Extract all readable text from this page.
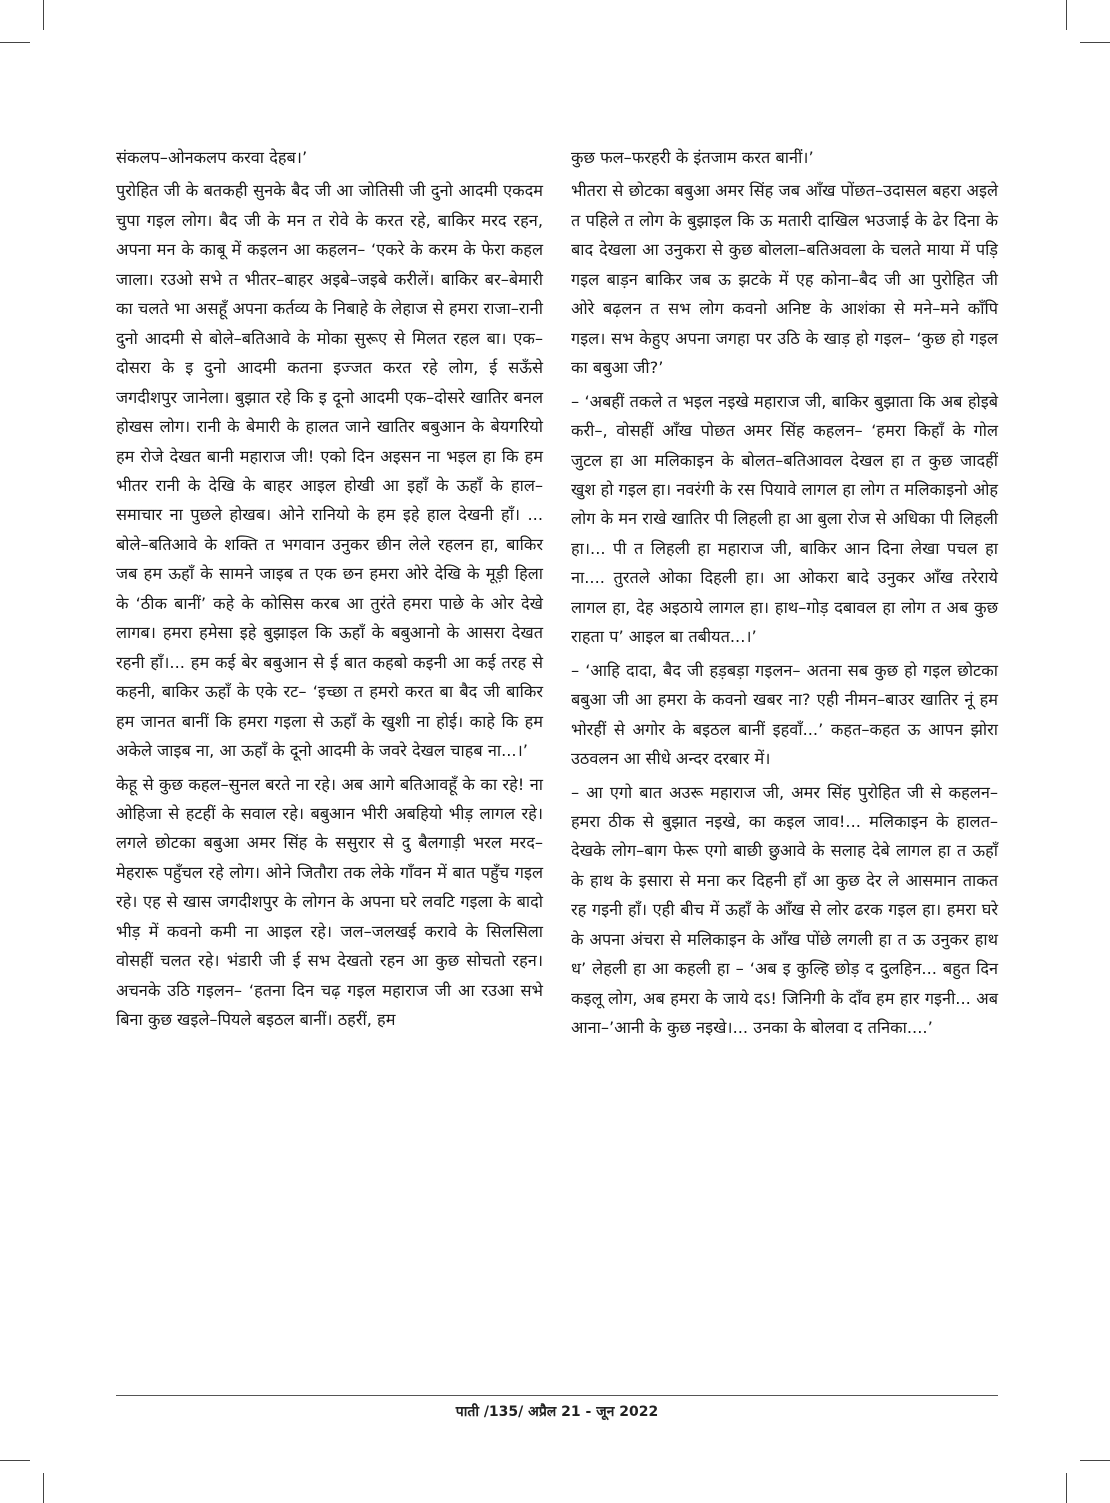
संकलप–ओनकलप करवा देहब।’

पुरोहित जी के बतकही सुनके बैद जी आ जोतिसी जी दुनो आदमी एकदम चुपा गइल लोग। बैद जी के मन त रोवे के करत रहे, बाकिर मरद रहन, अपना मन के काबू में कइलन आ कहलन– ‘एकरे के करम के फेरा कहल जाला। रउओ सभे त भीतर–बाहर अइबे–जइबे करीलें। बाकिर बर–बेमारी का चलते भा असहूँ अपना कर्तव्य के निबाहे के लेहाज से हमरा राजा–रानी दुनो आदमी से बोले–बतिआवे के मोका सुरूए से मिलत रहल बा। एक–दोसरा के इ दुनो आदमी कतना इज्जत करत रहे लोग, ई सऊँसे जगदीशपुर जानेला। बुझात रहे कि इ दूनो आदमी एक–दोसरे खातिर बनल होखस लोग। रानी के बेमारी के हालत जाने खातिर बबुआन के बेयगरियो हम रोजे देखत बानी महाराज जी! एको दिन अइसन ना भइल हा कि हम भीतर रानी के देखि के बाहर आइल होखी आ इहाँ के ऊहाँ के हाल–समाचार ना पुछले होखब। ओने रानियो के हम इहे हाल देखनी हाँ। ... बोले–बतिआवे के शक्ति त भगवान उनुकर छीन लेले रहलन हा, बाकिर जब हम ऊहाँ के सामने जाइब त एक छन हमरा ओरे देखि के मूड़ी हिला के ‘ठीक बानीं’ कहे के कोसिस करब आ तुरंते हमरा पाछे के ओर देखे लागब। हमरा हमेसा इहे बुझाइल कि ऊहाँ के बबुआनो के आसरा देखत रहनी हाँ।... हम कई बेर बबुआन से ई बात कहबो कइनी आ कई तरह से कहनी, बाकिर ऊहाँ के एके रट– ‘इच्छा त हमरो करत बा बैद जी बाकिर हम जानत बानीं कि हमरा गइला से ऊहाँ के खुशी ना होई। काहे कि हम अकेले जाइब ना, आ ऊहाँ के दूनो आदमी के जवरे देखल चाहब ना...।’

केहू से कुछ कहल–सुनल बरते ना रहे। अब आगे बतिआवहूँ के का रहे! ना ओहिजा से हटहीं के सवाल रहे। बबुआन भीरी अबहियो भीड़ लागल रहे। लगले छोटका बबुआ अमर सिंह के ससुरार से दु बैलगाड़ी भरल मरद–मेहरारू पहुँचल रहे लोग। ओने जितौरा तक लेके गाँवन में बात पहुँच गइल रहे। एह से खास जगदीशपुर के लोगन के अपना घरे लवटि गइला के बादो भीड़ में कवनो कमी ना आइल रहे। जल–जलखई करावे के सिलसिला वोसहीं चलत रहे। भंडारी जी ई सभ देखतो रहन आ कुछ सोचतो रहन। अचनके उठि गइलन– ‘हतना दिन चढ़ गइल महाराज जी आ रउआ सभे बिना कुछ खइले–पियले बइठल बानीं। ठहरीं, हम

कुछ फल–फरहरी के इंतजाम करत बानीं।’

भीतरा से छोटका बबुआ अमर सिंह जब आँख पोंछत–उदासल बहरा अइले त पहिले त लोग के बुझाइल कि ऊ मतारी दाखिल भउजाई के ढेर दिना के बाद देखला आ उनुकरा से कुछ बोलला–बतिअवला के चलते माया में पड़ि गइल बाड़न बाकिर जब ऊ झटके में एह कोना–बैद जी आ पुरोहित जी ओरे बढ़लन त सभ लोग कवनो अनिष्ट के आशंका से मने–मने काँपि गइल। सभ केहुए अपना जगहा पर उठि के खाड़ हो गइल– ‘कुछ हो गइल का बबुआ जी?’

– ‘अबहीं तकले त भइल नइखे महाराज जी, बाकिर बुझाता कि अब होइबे करी–, वोसहीं आँख पोछत अमर सिंह कहलन– ‘हमरा किहाँ के गोल जुटल हा आ मलिकाइन के बोलत–बतिआवल देखल हा त कुछ जादहीं खुश हो गइल हा। नवरंगी के रस पियावे लागल हा लोग त मलिकाइनो ओह लोग के मन राखे खातिर पी लिहली हा आ बुला रोज से अधिका पी लिहली हा।... पी त लिहली हा महाराज जी, बाकिर आन दिना लेखा पचल हा ना.... तुरतले ओका दिहली हा। आ ओकरा बादे उनुकर आँख तरेराये लागल हा, देह अइठाये लागल हा। हाथ–गोड़ दबावल हा लोग त अब कुछ राहता प’ आइल बा तबीयत...।’

– ‘आहि दादा, बैद जी हड़बड़ा गइलन– अतना सब कुछ हो गइल छोटका बबुआ जी आ हमरा के कवनो खबर ना? एही नीमन–बाउर खातिर नूं हम भोरहीं से अगोर के बइठल बानीं इहवाँ...’ कहत–कहत ऊ आपन झोरा उठवलन आ सीधे अन्दर दरबार में।

– आ एगो बात अउरू महाराज जी, अमर सिंह पुरोहित जी से कहलन– हमरा ठीक से बुझात नइखे, का कइल जाव!... मलिकाइन के हालत–देखके लोग–बाग फेरू एगो बाछी छुआवे के सलाह देबे लागल हा त ऊहाँ के हाथ के इसारा से मना कर दिहनी हाँ आ कुछ देर ले आसमान ताकत रह गइनी हाँ। एही बीच में ऊहाँ के आँख से लोर ढरक गइल हा। हमरा घरे के अपना अंचरा से मलिकाइन के आँख पोंछे लगली हा त ऊ उनुकर हाथ ध’ लेहली हा आ कहली हा – ‘अब इ कुल्हि छोड़ द दुलहिन... बहुत दिन कइलू लोग, अब हमरा के जाये दऽ! जिनिगी के दाँव हम हार गइनी... अब आना–’आनी के कुछ नइखे।... उनका के बोलवा द तनिका....’

पाती /135/ अप्रैल 21 - जून 2022
